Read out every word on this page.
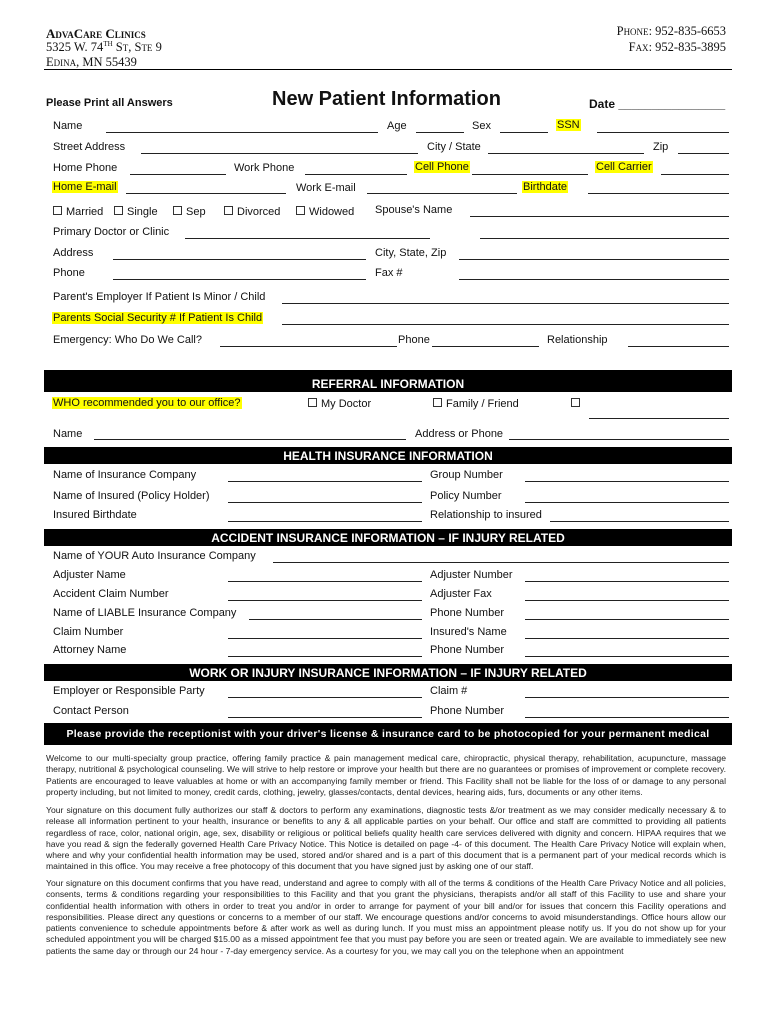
ADVACARE CLINICS
5325 W. 74TH ST, STE 9
EDINA, MN 55439
PHONE: 952-835-6653
FAX: 952-835-3895
Please Print all Answers	New Patient Information	Date ________________
Name	Age	Sex	SSN
Street Address	City / State	Zip
Home Phone	Work Phone	Cell Phone	Cell Carrier
Home E-mail	Work E-mail	Birthdate
Married	Single	Sep	Divorced	Widowed Spouse's Name
Primary Doctor or Clinic
Address	City, State, Zip
Phone	Fax #
Parent's Employer If Patient Is Minor / Child
Parents Social Security # If Patient Is Child
Emergency: Who Do We Call?	Phone	Relationship
REFERRAL INFORMATION
WHO recommended you to our office?	My Doctor	Family / Friend
Name	Address or Phone
HEALTH INSURANCE INFORMATION
Name of Insurance Company	Group Number
Name of Insured (Policy Holder)	Policy Number
Insured Birthdate	Relationship to insured
ACCIDENT INSURANCE INFORMATION – IF INJURY RELATED
Name of YOUR Auto Insurance Company
Adjuster Name	Adjuster Number
Accident Claim Number	Adjuster Fax
Name of LIABLE Insurance Company	Phone Number
Claim Number	Insured's Name
Attorney Name	Phone Number
WORK OR INJURY INSURANCE INFORMATION – IF INJURY RELATED
Employer or Responsible Party	Claim #
Contact Person	Phone Number
Please provide the receptionist with your driver's license & insurance card to be photocopied for your permanent medical
Welcome to our multi-specialty group practice, offering family practice & pain management medical care, chiropractic, physical therapy, rehabilitation, acupuncture, massage therapy, nutritional & psychological counseling. We will strive to help restore or improve your health but there are no guarantees or promises of improvement or complete recovery. Patients are encouraged to leave valuables at home or with an accompanying family member or friend. This Facility shall not be liable for the loss of or damage to any personal property including, but not limited to money, credit cards, clothing, jewelry, glasses/contacts, dental devices, hearing aids, furs, documents or any other items.
Your signature on this document fully authorizes our staff & doctors to perform any examinations, diagnostic tests &/or treatment as we may consider medically necessary & to release all information pertinent to your health, insurance or benefits to any & all applicable parties on your behalf. Our office and staff are committed to providing all patients regardless of race, color, national origin, age, sex, disability or religious or political beliefs quality health care services delivered with dignity and concern. HIPAA requires that we have you read & sign the federally governed Health Care Privacy Notice. This Notice is detailed on page -4- of this document. The Health Care Privacy Notice will explain when, where and why your confidential health information may be used, stored and/or shared and is a part of this document that is a permanent part of your medical records which is maintained in this office. You may receive a free photocopy of this document that you have signed just by asking one of our staff.
Your signature on this document confirms that you have read, understand and agree to comply with all of the terms & conditions of the Health Care Privacy Notice and all policies, consents, terms & conditions regarding your responsibilities to this Facility and that you grant the physicians, therapists and/or all staff of this Facility to use and share your confidential health information with others in order to treat you and/or in order to arrange for payment of your bill and/or for issues that concern this Facility operations and responsibilities. Please direct any questions or concerns to a member of our staff. We encourage questions and/or concerns to avoid misunderstandings. Office hours allow our patients convenience to schedule appointments before & after work as well as during lunch. If you must miss an appointment please notify us. If you do not show up for your scheduled appointment you will be charged $15.00 as a missed appointment fee that you must pay before you are seen or treated again. We are available to immediately see new patients the same day or through our 24 hour - 7-day emergency service. As a courtesy for you, we may call you on the telephone when an appointment
